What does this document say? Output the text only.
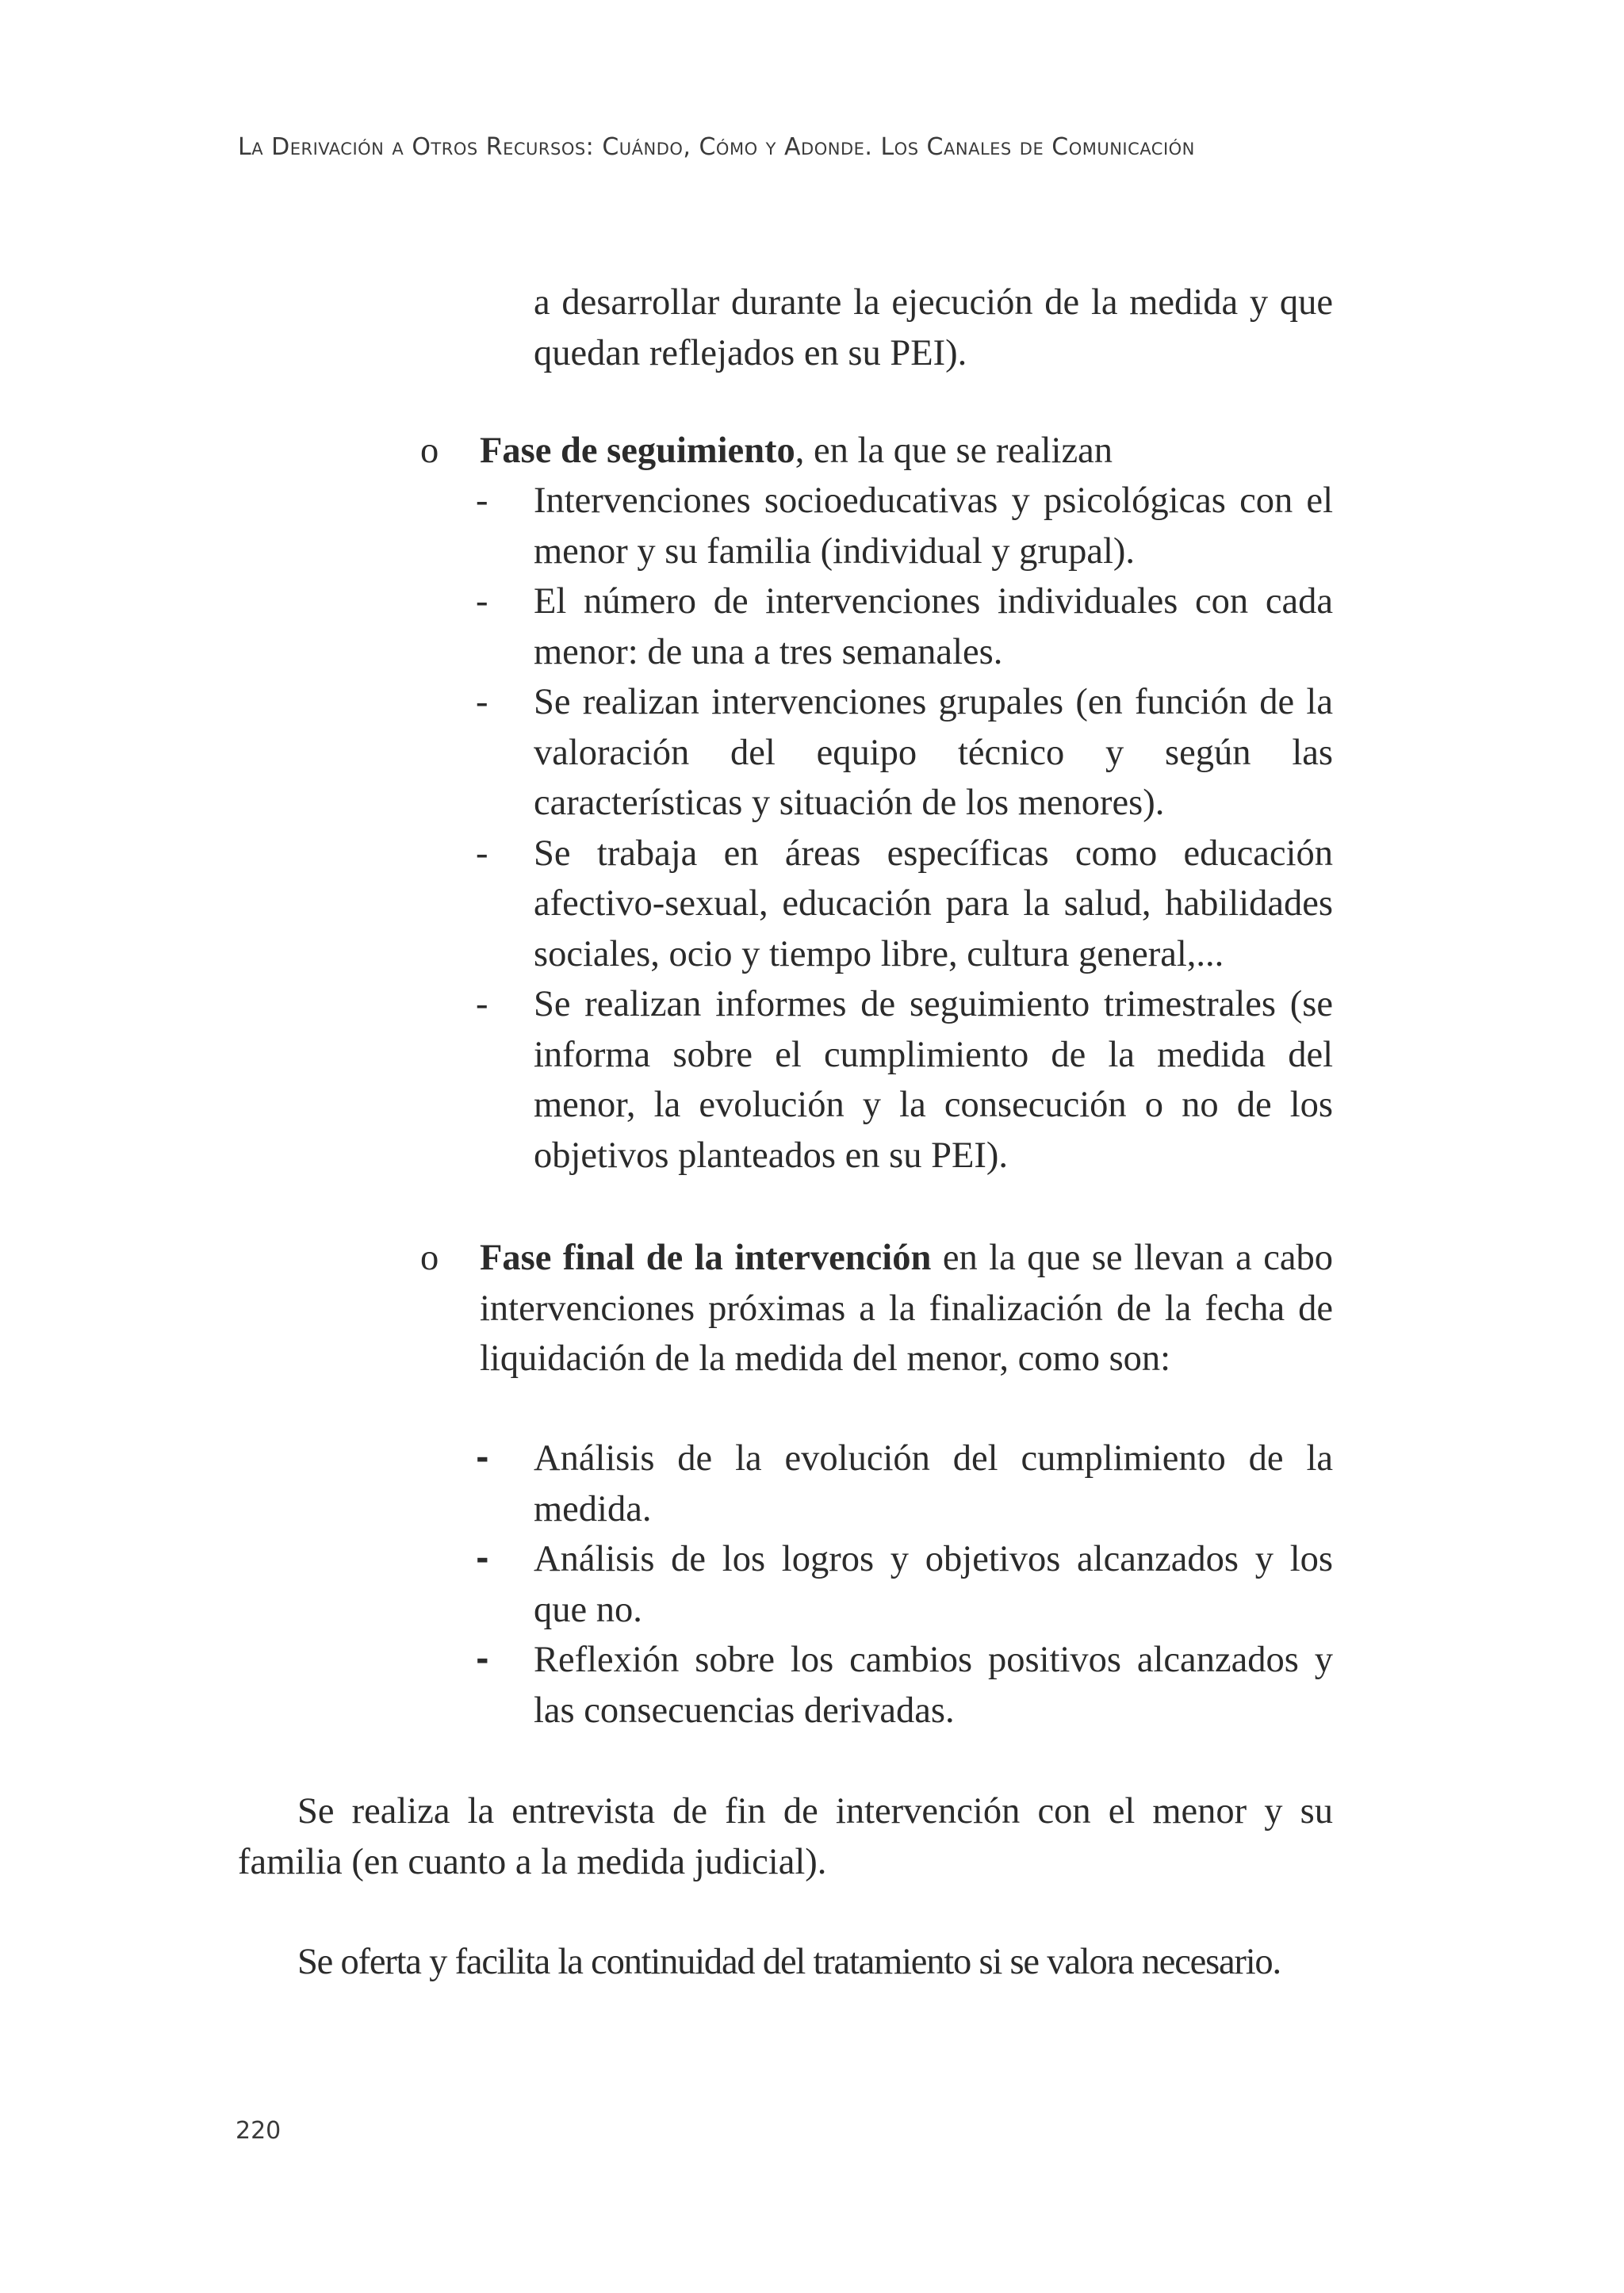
La Derivación a Otros Recursos: Cuándo, Cómo y Adonde. Los Canales de Comunicación
a desarrollar durante la ejecución de la medida y que quedan reflejados en su PEI).
o	Fase de seguimiento, en la que se realizan
- Intervenciones socioeducativas y psicológicas con el menor y su familia (individual y grupal).
- El número de intervenciones individuales con cada menor: de una a tres semanales.
- Se realizan intervenciones grupales (en función de la valoración del equipo técnico y según las características y situación de los menores).
- Se trabaja en áreas específicas como educación afectivo-sexual, educación para la salud, habilidades sociales, ocio y tiempo libre, cultura general,...
- Se realizan informes de seguimiento trimestrales (se informa sobre el cumplimiento de la medida del menor, la evolución y la consecución o no de los objetivos planteados en su PEI).
o	Fase final de la intervención en la que se llevan a cabo intervenciones próximas a la finalización de la fecha de liquidación de la medida del menor, como son:
- Análisis de la evolución del cumplimiento de la medida.
- Análisis de los logros y objetivos alcanzados y los que no.
- Reflexión sobre los cambios positivos alcanzados y las consecuencias derivadas.
Se realiza la entrevista de fin de intervención con el menor y su familia (en cuanto a la medida judicial).
Se oferta y facilita la continuidad del tratamiento si se valora necesario.
220
